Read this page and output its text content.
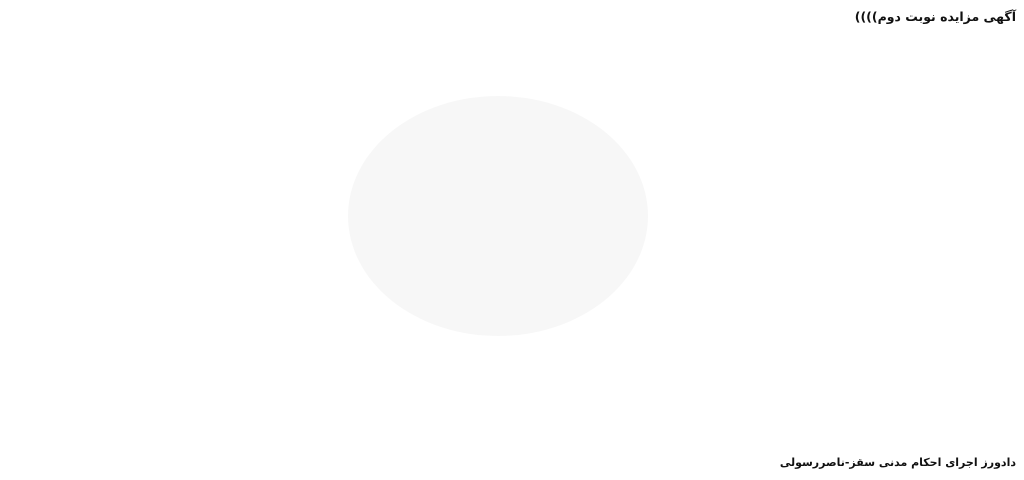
آگهی مزایده نوبت دوم))))
دادورز اجرای احکام مدنی سقز-ناصررسولی
